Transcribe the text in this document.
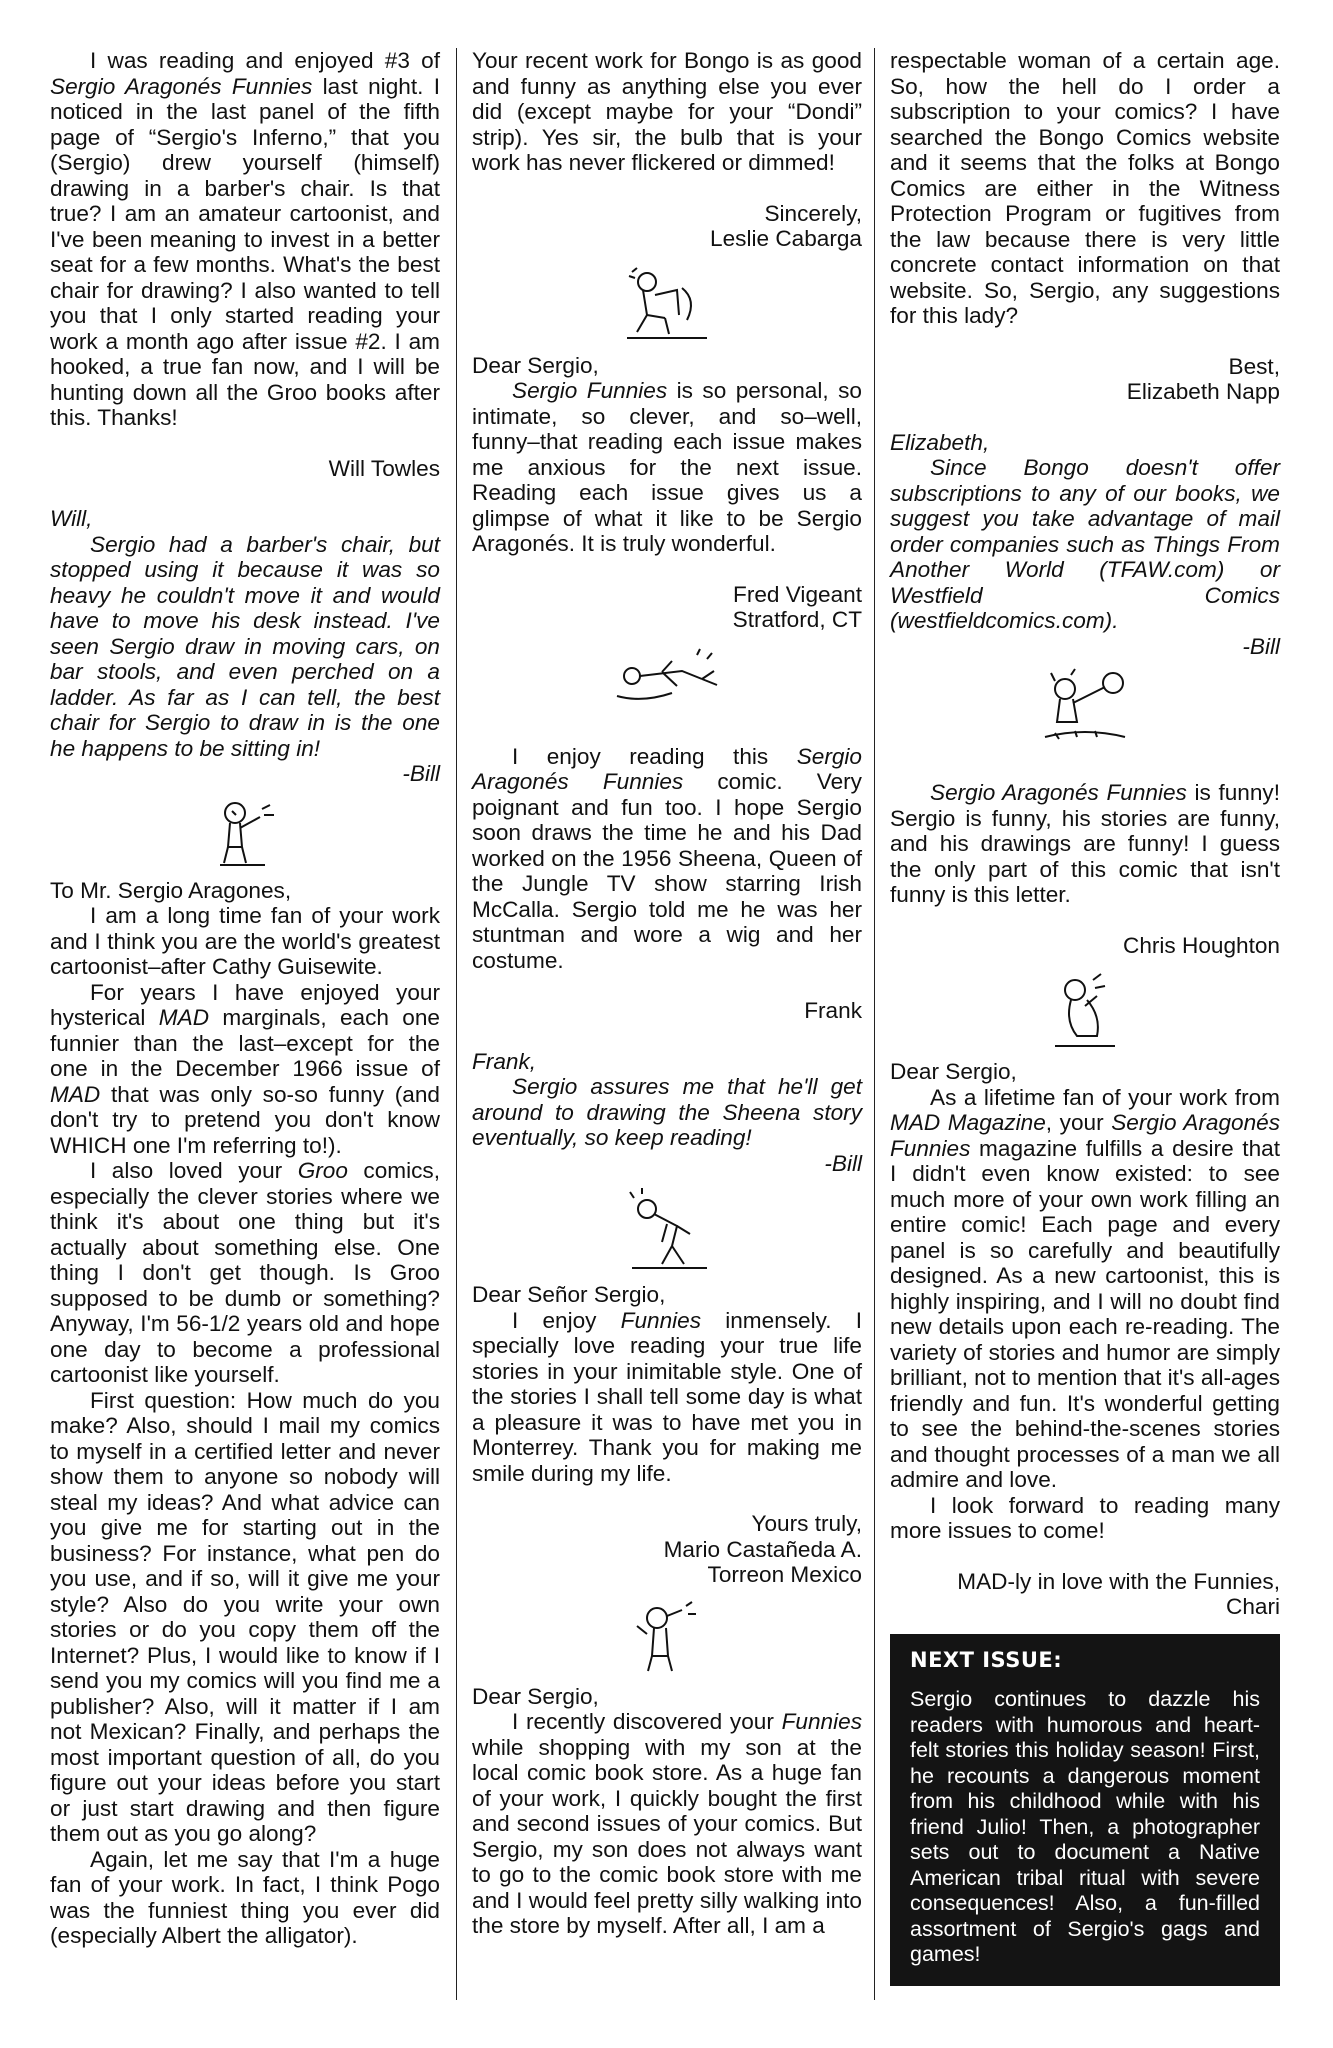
I was reading and enjoyed #3 of Sergio Aragonés Funnies last night. I noticed in the last panel of the fifth page of “Sergio's Inferno,” that you (Sergio) drew yourself (himself) drawing in a barber's chair. Is that true? I am an amateur cartoonist, and I've been meaning to invest in a better seat for a few months. What's the best chair for drawing? I also wanted to tell you that I only started reading your work a month ago after issue #2. I am hooked, a true fan now, and I will be hunting down all the Groo books after this. Thanks!

Will Towles

Will,

Sergio had a barber's chair, but stopped using it because it was so heavy he couldn't move it and would have to move his desk instead. I've seen Sergio draw in moving cars, on bar stools, and even perched on a ladder. As far as I can tell, the best chair for Sergio to draw in is the one he happens to be sitting in!

-Bill

To Mr. Sergio Aragones,

I am a long time fan of your work and I think you are the world's greatest cartoonist–after Cathy Guisewite.

For years I have enjoyed your hysterical MAD marginals, each one funnier than the last–except for the one in the December 1966 issue of MAD that was only so-so funny (and don't try to pretend you don't know WHICH one I'm referring to!).

I also loved your Groo comics, especially the clever stories where we think it's about one thing but it's actually about something else. One thing I don't get though. Is Groo supposed to be dumb or something? Anyway, I'm 56-1/2 years old and hope one day to become a professional cartoonist like yourself.

First question: How much do you make? Also, should I mail my comics to myself in a certified letter and never show them to anyone so nobody will steal my ideas? And what advice can you give me for starting out in the business? For instance, what pen do you use, and if so, will it give me your style? Also do you write your own stories or do you copy them off the Internet? Plus, I would like to know if I send you my comics will you find me a publisher? Also, will it matter if I am not Mexican? Finally, and perhaps the most important question of all, do you figure out your ideas before you start or just start drawing and then figure them out as you go along?

Again, let me say that I'm a huge fan of your work. In fact, I think Pogo was the funniest thing you ever did (especially Albert the alligator).

Your recent work for Bongo is as good and funny as anything else you ever did (except maybe for your “Dondi” strip). Yes sir, the bulb that is your work has never flickered or dimmed!

Sincerely,

Leslie Cabarga

Dear Sergio,

Sergio Funnies is so personal, so intimate, so clever, and so–well, funny–that reading each issue makes me anxious for the next issue. Reading each issue gives us a glimpse of what it like to be Sergio Aragonés. It is truly wonderful.

Fred Vigeant
Stratford, CT

I enjoy reading this Sergio Aragonés Funnies comic. Very poignant and fun too. I hope Sergio soon draws the time he and his Dad worked on the 1956 Sheena, Queen of the Jungle TV show starring Irish McCalla. Sergio told me he was her stuntman and wore a wig and her costume.

Frank

Frank,

Sergio assures me that he'll get around to drawing the Sheena story eventually, so keep reading!

-Bill

Dear Señor Sergio,

I enjoy Funnies inmensely. I specially love reading your true life stories in your inimitable style. One of the stories I shall tell some day is what a pleasure it was to have met you in Monterrey. Thank you for making me smile during my life.

Yours truly,

Mario Castañeda A.
Torreon Mexico

Dear Sergio,

I recently discovered your Funnies while shopping with my son at the local comic book store. As a huge fan of your work, I quickly bought the first and second issues of your comics. But Sergio, my son does not always want to go to the comic book store with me and I would feel pretty silly walking into the store by myself. After all, I am a

respectable woman of a certain age. So, how the hell do I order a subscription to your comics? I have searched the Bongo Comics website and it seems that the folks at Bongo Comics are either in the Witness Protection Program or fugitives from the law because there is very little concrete contact information on that website. So, Sergio, any suggestions for this lady?

Best,

Elizabeth Napp

Elizabeth,

Since Bongo doesn't offer subscriptions to any of our books, we suggest you take advantage of mail order companies such as Things From Another World (TFAW.com) or Westfield Comics (westfieldcomics.com).

-Bill

Sergio Aragonés Funnies is funny! Sergio is funny, his stories are funny, and his drawings are funny! I guess the only part of this comic that isn't funny is this letter.

Chris Houghton

Dear Sergio,

As a lifetime fan of your work from MAD Magazine, your Sergio Aragonés Funnies magazine fulfills a desire that I didn't even know existed: to see much more of your own work filling an entire comic! Each page and every panel is so carefully and beautifully designed. As a new cartoonist, this is highly inspiring, and I will no doubt find new details upon each re-reading. The variety of stories and humor are simply brilliant, not to mention that it's all-ages friendly and fun. It's wonderful getting to see the behind-the-scenes stories and thought processes of a man we all admire and love.

I look forward to reading many more issues to come!

MAD-ly in love with the Funnies,

Chari

NEXT ISSUE:
Sergio continues to dazzle his readers with humorous and heart-felt stories this holiday season! First, he recounts a dangerous moment from his childhood while with his friend Julio! Then, a photographer sets out to document a Native American tribal ritual with severe consequences! Also, a fun-filled assortment of Sergio's gags and games!
